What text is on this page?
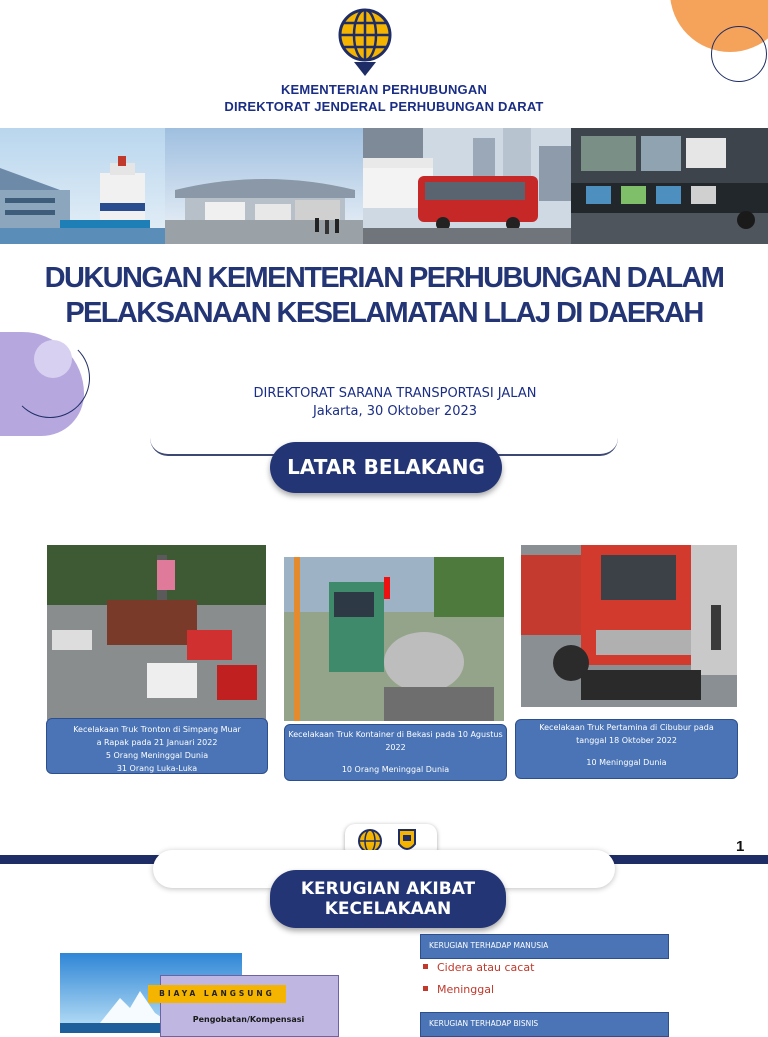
KEMENTERIAN PERHUBUNGAN
DIREKTORAT JENDERAL PERHUBUNGAN DARAT
DUKUNGAN KEMENTERIAN PERHUBUNGAN DALAM
PELAKSANAAN KESELAMATAN LLAJ DI DAERAH
DIREKTORAT SARANA TRANSPORTASI JALAN
Jakarta, 30 Oktober 2023
LATAR BELAKANG
Kecelakaan Truk Tronton di Simpang Muar
a Rapak pada 21 Januari 2022
5 Orang Meninggal Dunia
31 Orang Luka-Luka
Kecelakaan Truk Kontainer di Bekasi pada 10 Agustus
2022
10 Orang Meninggal Dunia
Kecelakaan Truk Pertamina di Cibubur pada
tanggal 18 Oktober 2022
10 Meninggal Dunia
1
KERUGIAN AKIBAT
KECELAKAAN
KERUGIAN TERHADAP MANUSIA
Cidera atau cacat
Meninggal
KERUGIAN TERHADAP BISNIS
BIAYA LANGSUNG
Pengobatan/Kompensasi
